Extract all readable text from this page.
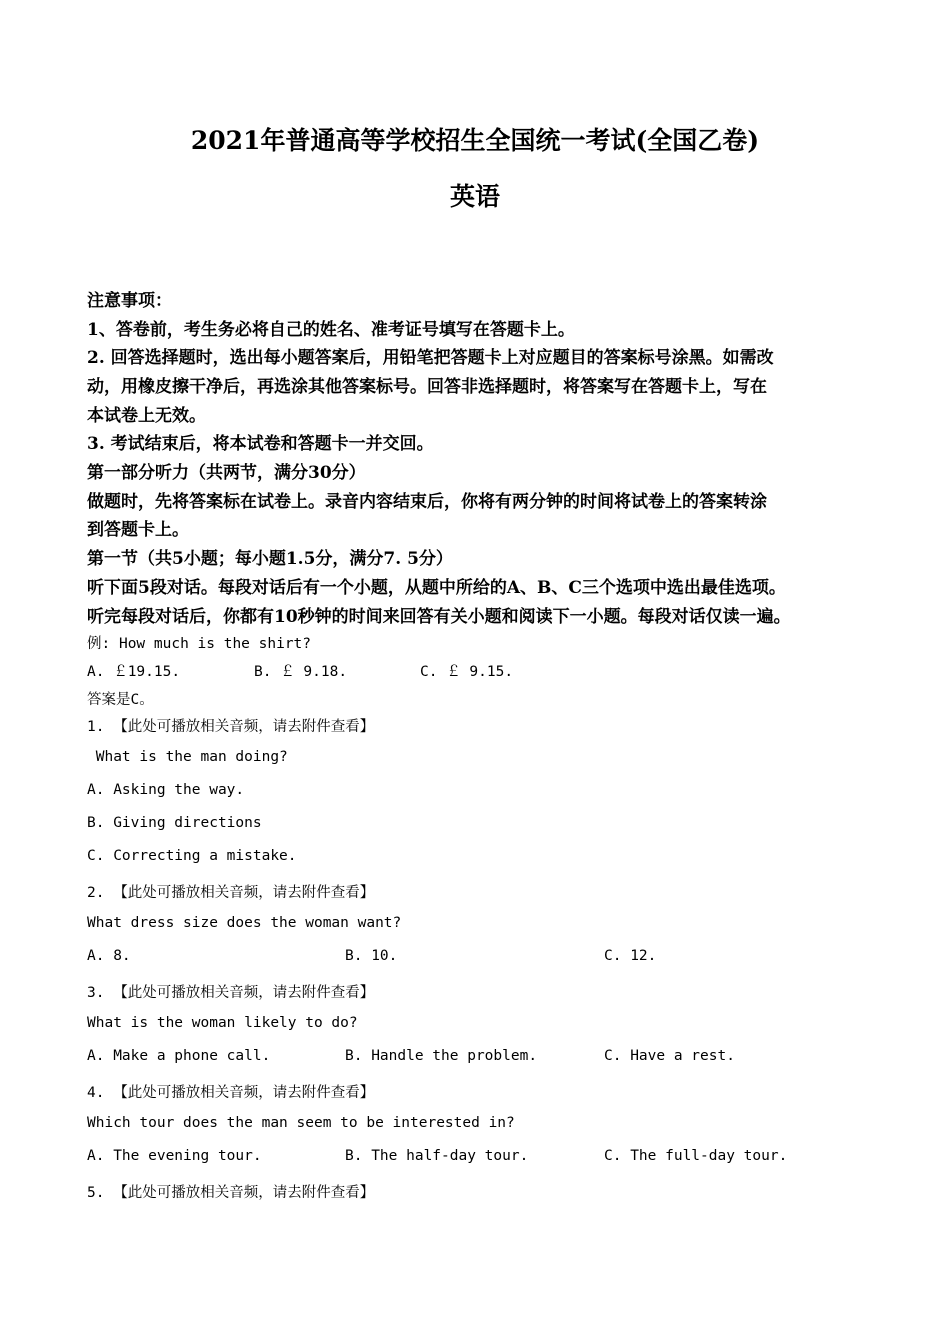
2021年普通高等学校招生全国统一考试(全国乙卷)
英语
注意事项：
1、答卷前，考生务必将自己的姓名、准考证号填写在答题卡上。
2. 回答选择题时，选出每小题答案后，用铅笔把答题卡上对应题目的答案标号涂黑。如需改
动，用橡皮擦干净后，再选涂其他答案标号。回答非选择题时，将答案写在答题卡上，写在
本试卷上无效。
3. 考试结束后，将本试卷和答题卡一并交回。
第一部分听力（共两节，满分30分）
做题时，先将答案标在试卷上。录音内容结束后，你将有两分钟的时间将试卷上的答案转涂
到答题卡上。
第一节（共5小题；每小题1.5分，满分7. 5分）
听下面5段对话。每段对话后有一个小题，从题中所给的A、B、C三个选项中选出最佳选项。
听完每段对话后，你都有10秒钟的时间来回答有关小题和阅读下一小题。每段对话仅读一遍。
例: How much is the shirt?
A. ￡19.15.	B. ￡ 9.18.	C. ￡ 9.15.
答案是C。
1. 【此处可播放相关音频，请去附件查看】
What is the man doing?
A. Asking the way.
B. Giving directions
C. Correcting a mistake.
2. 【此处可播放相关音频，请去附件查看】
What dress size does the woman want?
A. 8.	B. 10.	C. 12.
3. 【此处可播放相关音频，请去附件查看】
What is the woman likely to do?
A. Make a phone call.	B. Handle the problem.	C. Have a rest.
4. 【此处可播放相关音频，请去附件查看】
Which tour does the man seem to be interested in?
A. The evening tour.	B. The half-day tour.	C. The full-day tour.
5. 【此处可播放相关音频，请去附件查看】
